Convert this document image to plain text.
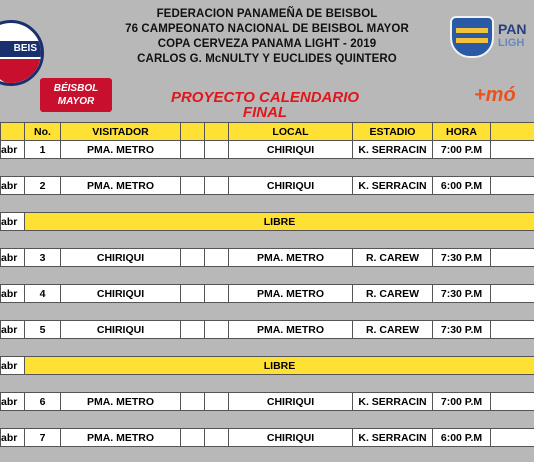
FEDERACION PANAMEÑA DE BEISBOL
76 CAMPEONATO NACIONAL DE BEISBOL MAYOR
COPA CERVEZA PANAMA LIGHT - 2019
CARLOS G. McNULTY Y EUCLIDES QUINTERO
BEIS
BÉISBOL
MAYOR
PAN
LIGH
+mó
PROYECTO CALENDARIO
FINAL
	No.	VISITADOR			LOCAL	ESTADIO	HORA	
abr	1	PMA. METRO			CHIRIQUI	K. SERRACIN	7:00 P.M	

abr	2	PMA. METRO			CHIRIQUI	K. SERRACIN	6:00 P.M	

abr	LIBRE							

abr	3	CHIRIQUI			PMA. METRO	R. CAREW	7:30 P.M	

abr	4	CHIRIQUI			PMA. METRO	R. CAREW	7:30 P.M	

abr	5	CHIRIQUI			PMA. METRO	R. CAREW	7:30 P.M	

abr	LIBRE							

abr	6	PMA. METRO			CHIRIQUI	K. SERRACIN	7:00 P.M	

abr	7	PMA. METRO			CHIRIQUI	K. SERRACIN	6:00 P.M	
